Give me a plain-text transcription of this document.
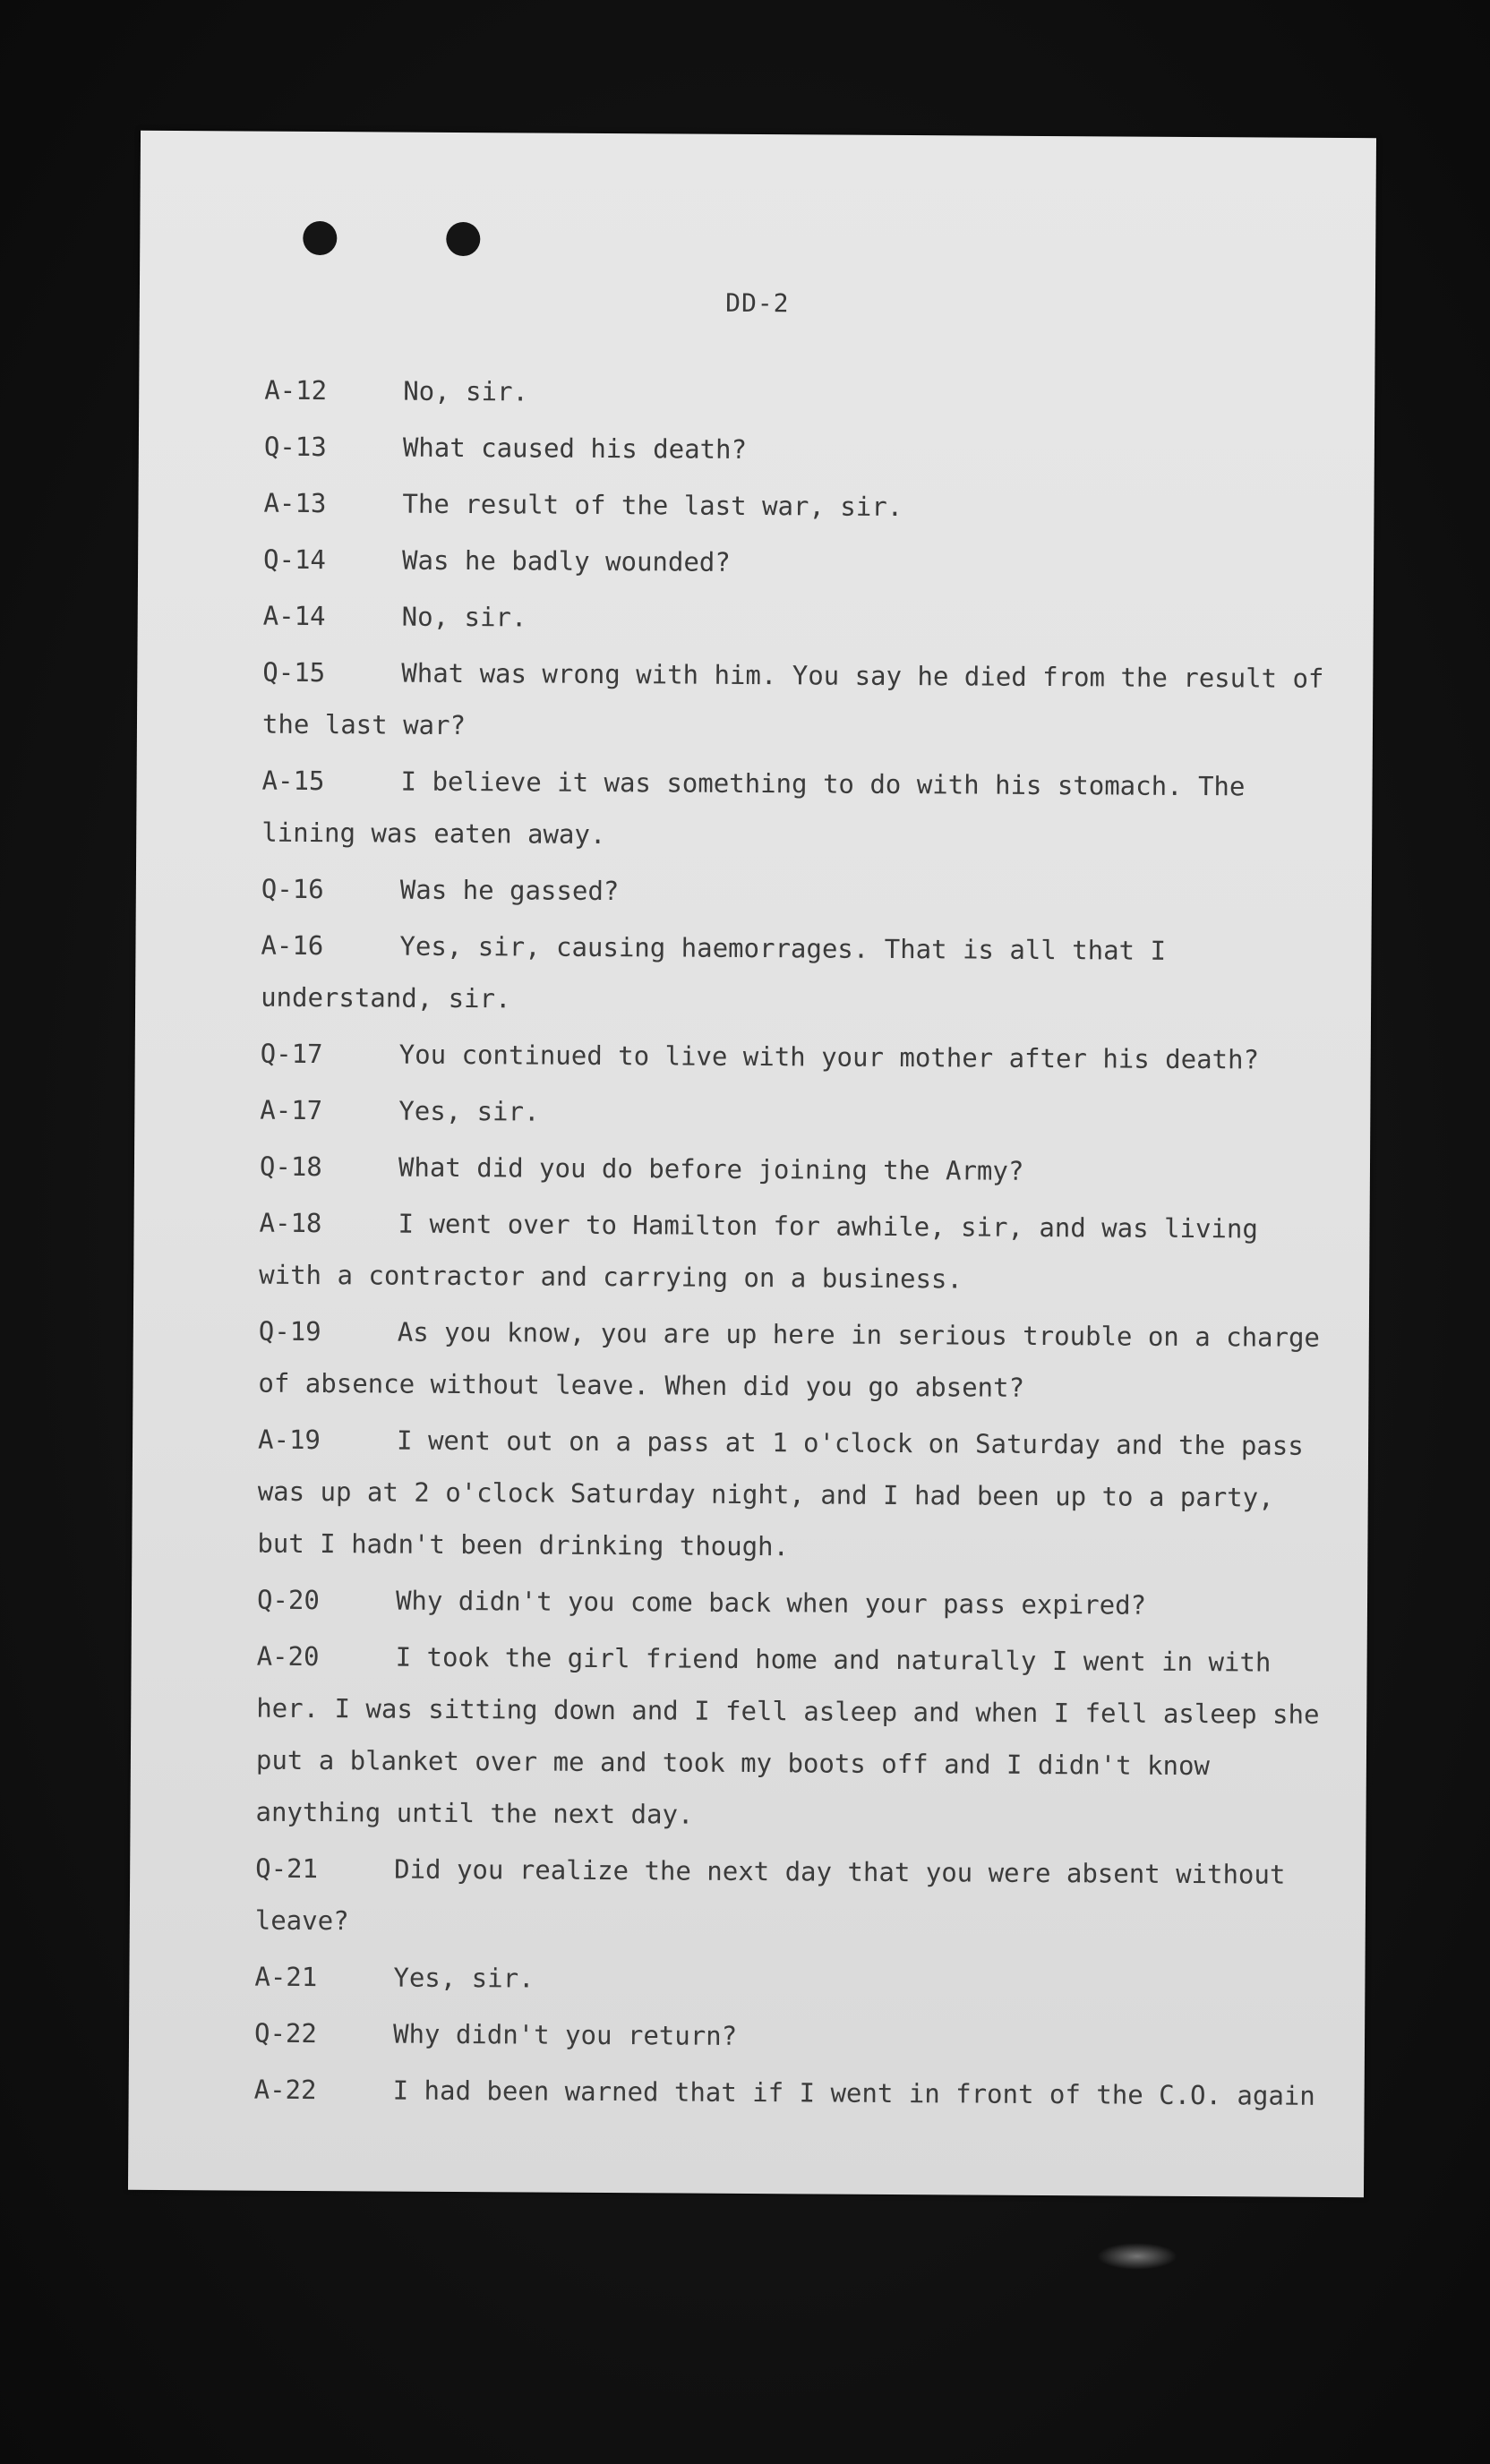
DD-2
A-12	No, sir.
Q-13	What caused his death?
A-13	The result of the last war, sir.
Q-14	Was he badly wounded?
A-14	No, sir.
Q-15	What was wrong with him. You say he died from the result of the last war?
A-15	I believe it was something to do with his stomach. The lining was eaten away.
Q-16	Was he gassed?
A-16	Yes, sir, causing haemorrages. That is all that I understand, sir.
Q-17	You continued to live with your mother after his death?
A-17	Yes, sir.
Q-18	What did you do before joining the Army?
A-18	I went over to Hamilton for awhile, sir, and was living with a contractor and carrying on a business.
Q-19	As you know, you are up here in serious trouble on a charge of absence without leave. When did you go absent?
A-19	I went out on a pass at 1 o'clock on Saturday and the pass was up at 2 o'clock Saturday night, and I had been up to a party, but I hadn't been drinking though.
Q-20	Why didn't you come back when your pass expired?
A-20	I took the girl friend home and naturally I went in with her. I was sitting down and I fell asleep and when I fell asleep she put a blanket over me and took my boots off and I didn't know anything until the next day.
Q-21	Did you realize the next day that you were absent without leave?
A-21	Yes, sir.
Q-22	Why didn't you return?
A-22	I had been warned that if I went in front of the C.O. again
